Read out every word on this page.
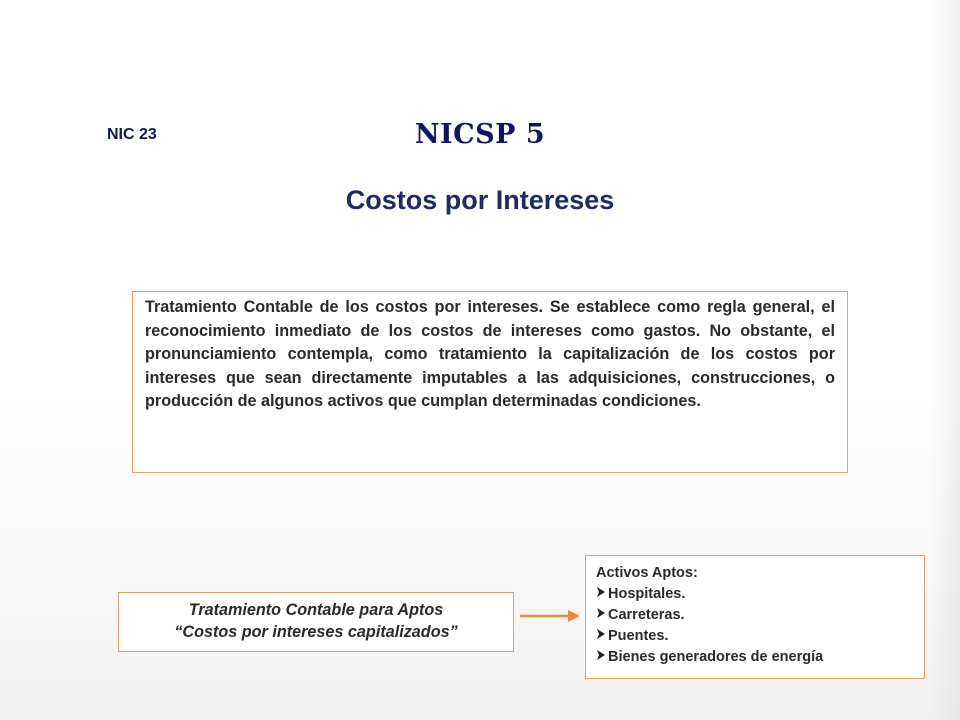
NIC 23	NICSP 5
Costos por Intereses
Tratamiento Contable de los costos por intereses. Se establece como regla general, el reconocimiento inmediato de los costos de intereses como gastos. No obstante, el pronunciamiento contempla, como tratamiento la capitalización de los costos por intereses que sean directamente imputables a las adquisiciones, construcciones, o producción de algunos activos que cumplan determinadas condiciones.
Tratamiento Contable para Aptos
“Costos por intereses capitalizados”
Activos Aptos:
Hospitales.
Carreteras.
Puentes.
Bienes generadores de energía
